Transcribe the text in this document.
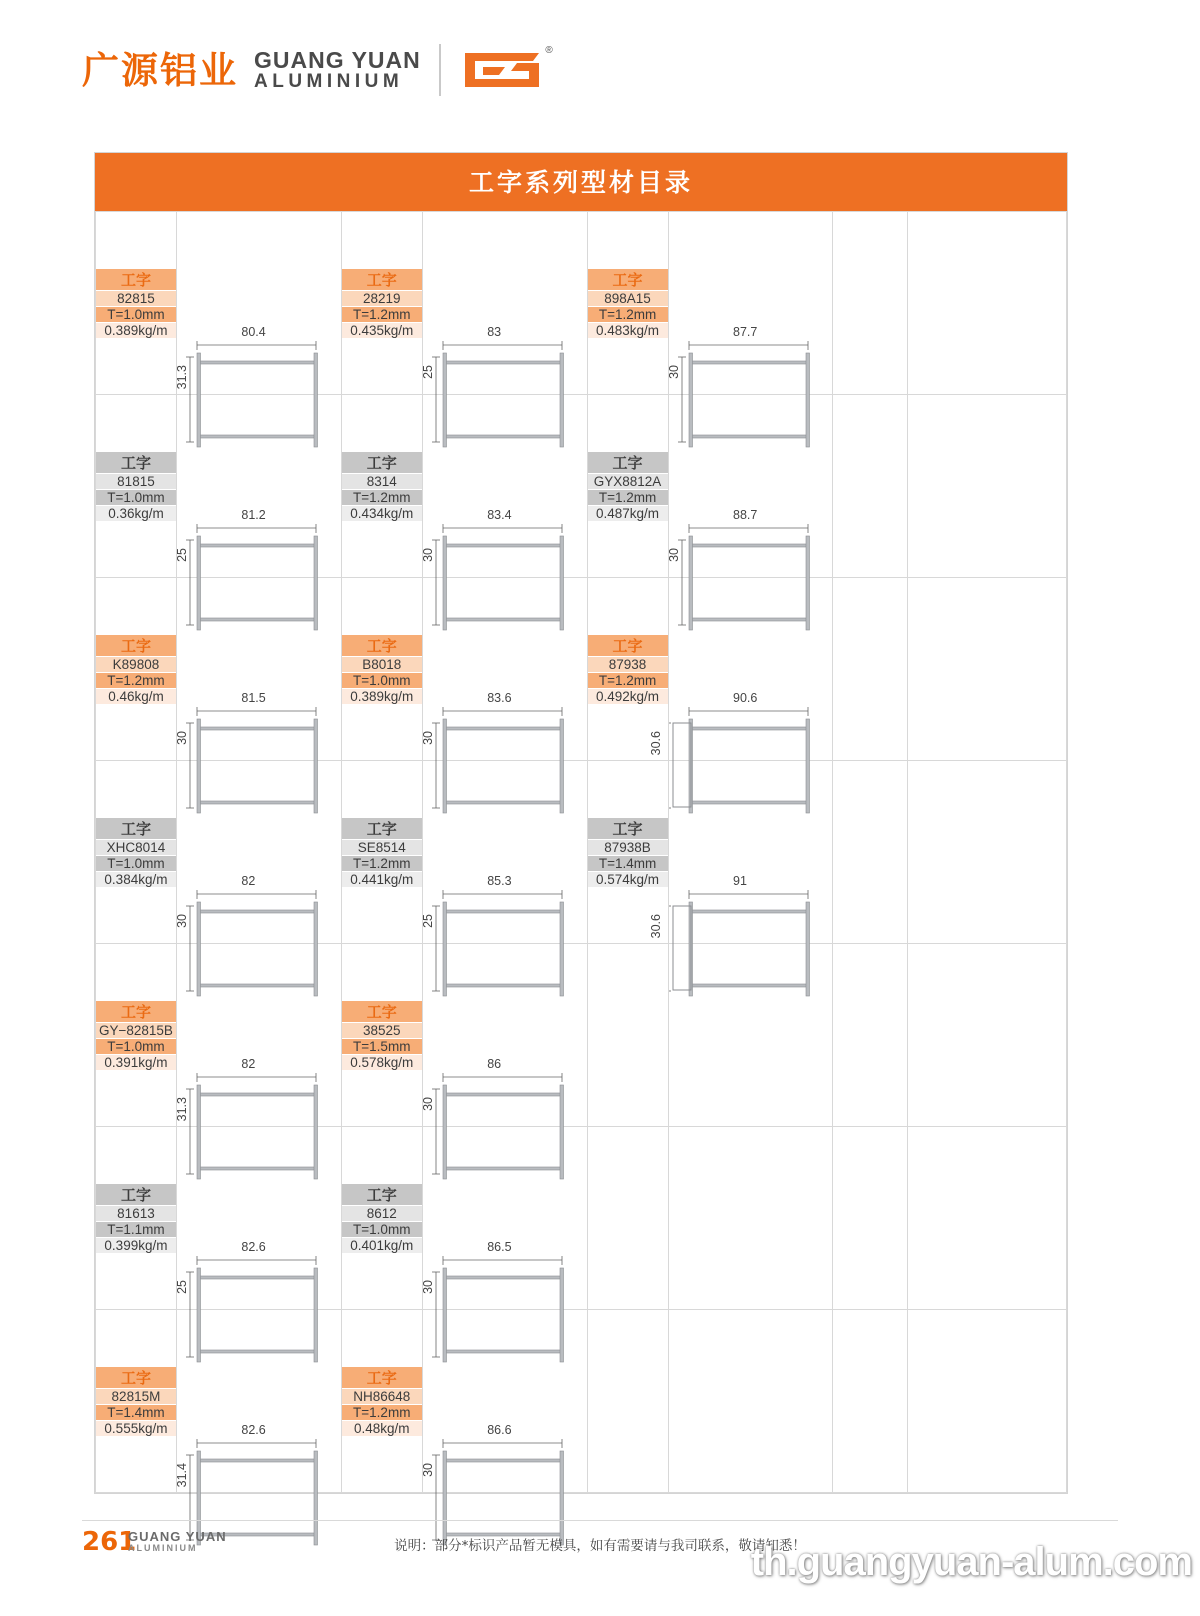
广源铝业 GUANG YUAN
ALUMINIUM
®
工字系列型材目录
工字
82815
T=1.0mm
0.389kg/m	80.4
31.3

工字
28219
T=1.2mm
0.435kg/m	83
25

工字
898A15
T=1.2mm
0.483kg/m	87.7
30

工字
81815
T=1.0mm
0.36kg/m	81.2
25

工字
8314
T=1.2mm
0.434kg/m	83.4
30

工字
GYX8812A
T=1.2mm
0.487kg/m	88.7
30

工字
K89808
T=1.2mm
0.46kg/m	81.5
30

工字
B8018
T=1.0mm
0.389kg/m	83.6
30

工字
87938
T=1.2mm
0.492kg/m	90.6
30.6

工字
XHC8014
T=1.0mm
0.384kg/m	82
30

工字
SE8514
T=1.2mm
0.441kg/m	85.3
25

工字
87938B
T=1.4mm
0.574kg/m	91
30.6

工字
GY−82815B
T=1.0mm
0.391kg/m	82
31.3

工字
38525
T=1.5mm
0.578kg/m	86
30

工字
81613
T=1.1mm
0.399kg/m	82.6
25

工字
8612
T=1.0mm
0.401kg/m	86.5
30

工字
82815M
T=1.4mm
0.555kg/m	82.6
31.4

工字
NH86648
T=1.2mm
0.48kg/m	86.6
30

261
GUANG YUAN
ALUMINIUM	说明：部分*标识产品暂无模具，如有需要请与我司联系，敬请知悉！
th.guangyuan-alum.com
